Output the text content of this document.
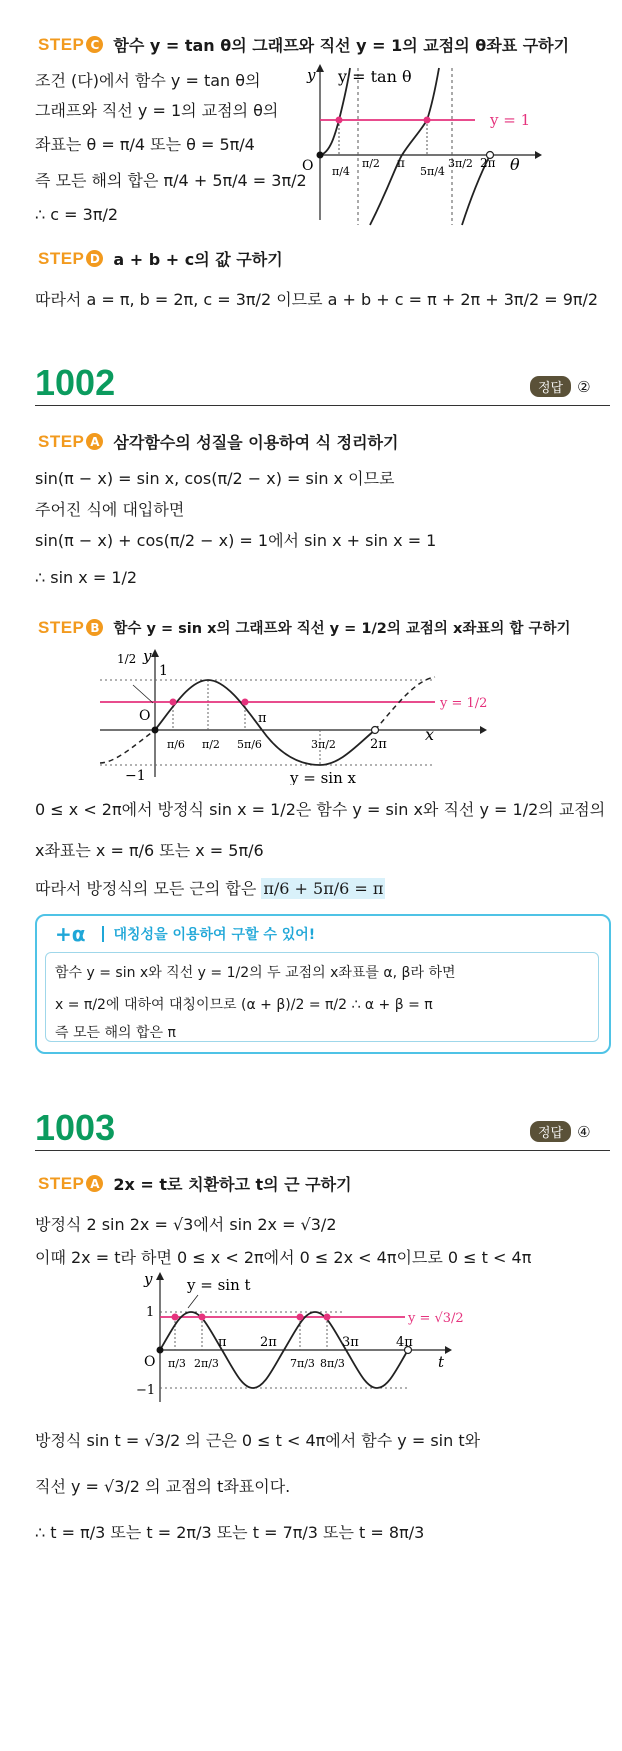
STEP C 함수 y = tan θ의 그래프와 직선 y = 1의 교점의 θ좌표 구하기
조건 (다)에서 함수 y = tan θ의
그래프와 직선 y = 1의 교점의 θ의
좌표는 θ = π/4 또는 θ = 5π/4
즉 모든 해의 합은 π/4 + 5π/4 = 3π/2
∴ c = 3π/2
y y = tan θ
y = 1
O	θ
π/4
π/2 π
5π/4
3π/2 2π
STEP D a + b + c의 값 구하기
따라서 a = π, b = 2π, c = 3π/2 이므로 a + b + c = π + 2π + 3π/2 = 9π/2
1002	정답 ②
STEP A 삼각함수의 성질을 이용하여 식 정리하기
sin(π − x) = sin x, cos(π/2 − x) = sin x 이므로
주어진 식에 대입하면
sin(π − x) + cos(π/2 − x) = 1에서 sin x + sin x = 1
∴ sin x = 1/2
STEP B 함수 y = sin x의 그래프와 직선 y = 1/2의 교점의 x좌표의 합 구하기
1/2 y
1
−1
O
y = 1/2
x
y = sin x
π/6 π/2 5π/6
π
3π/2	2π
0 ≤ x < 2π에서 방정식 sin x = 1/2은 함수 y = sin x와 직선 y = 1/2의 교점의
x좌표는 x = π/6 또는 x = 5π/6
따라서 방정식의 모든 근의 합은 π/6 + 5π/6 = π
+α 대칭성을 이용하여 구할 수 있어!
함수 y = sin x와 직선 y = 1/2의 두 교점의 x좌표를 α, β라 하면
x = π/2에 대하여 대칭이므로 (α + β)/2 = π/2 ∴ α + β = π
즉 모든 해의 합은 π
1003	정답 ④
STEP A 2x = t로 치환하고 t의 근 구하기
방정식 2 sin 2x = √3에서 sin 2x = √3/2
이때 2x = t라 하면 0 ≤ x < 2π에서 0 ≤ 2x < 4π이므로 0 ≤ t < 4π
y y = sin t
1
−1
O
y = √3/2
t
π/3 2π/3
π	2π
7π/3 8π/3
3π	4π
방정식 sin t = √3/2 의 근은 0 ≤ t < 4π에서 함수 y = sin t와
직선 y = √3/2 의 교점의 t좌표이다.
∴ t = π/3 또는 t = 2π/3 또는 t = 7π/3 또는 t = 8π/3
